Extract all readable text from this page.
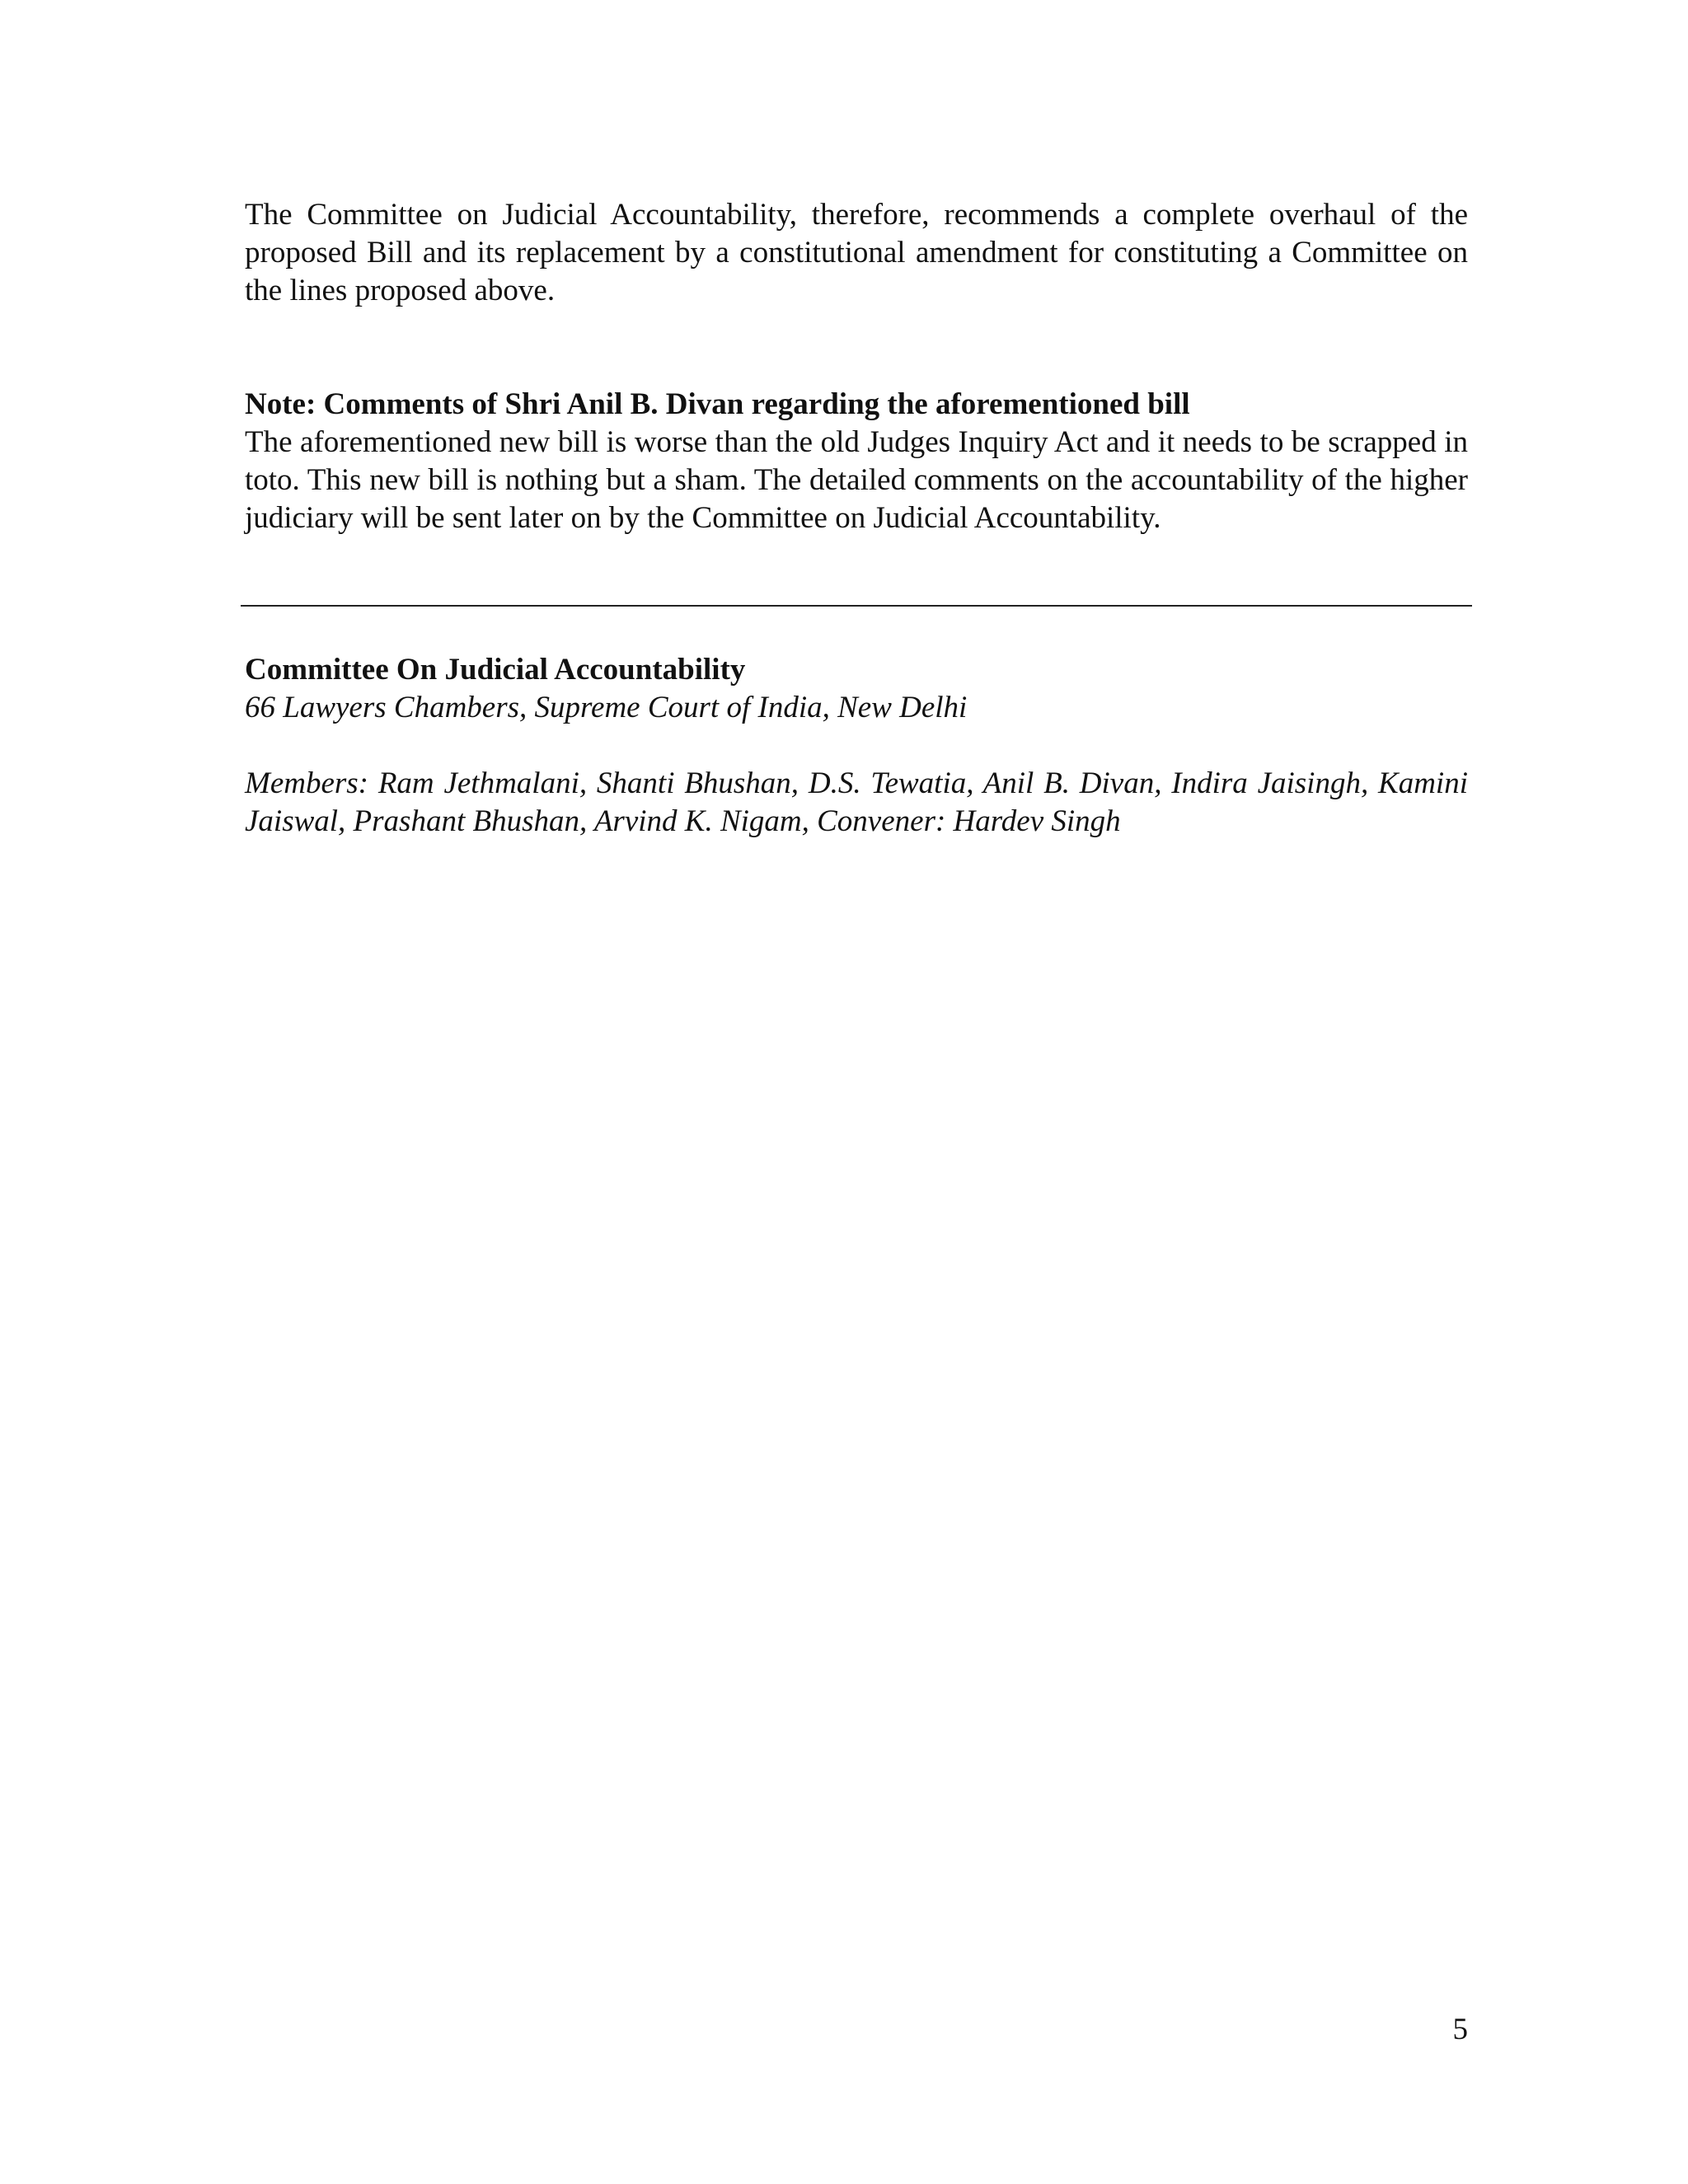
The Committee on Judicial Accountability, therefore, recommends a complete overhaul of the proposed Bill and its replacement by a constitutional amendment for constituting a Committee on the lines proposed above.

Note: Comments of Shri Anil B. Divan regarding the aforementioned bill

The aforementioned new bill is worse than the old Judges Inquiry Act and it needs to be scrapped in toto. This new bill is nothing but a sham. The detailed comments on the accountability of the higher judiciary will be sent later on by the Committee on Judicial Accountability.

Committee On Judicial Accountability

66 Lawyers Chambers, Supreme Court of India, New Delhi

Members: Ram Jethmalani, Shanti Bhushan, D.S. Tewatia, Anil B. Divan, Indira Jaisingh, Kamini Jaiswal, Prashant Bhushan, Arvind K. Nigam, Convener: Hardev Singh

5
